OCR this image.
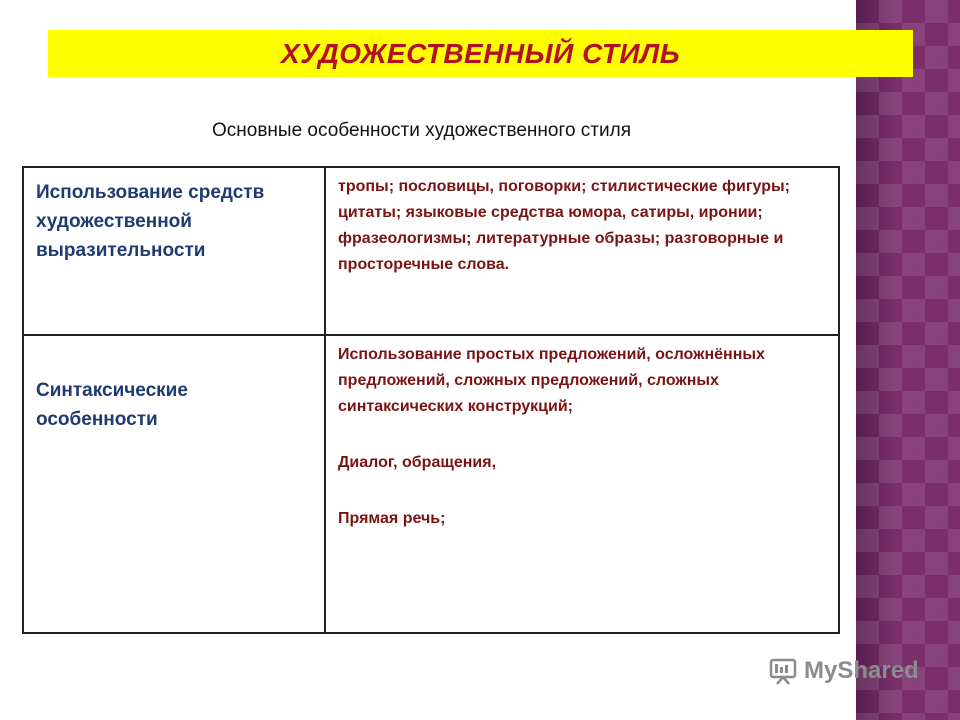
ХУДОЖЕСТВЕННЫЙ СТИЛЬ
Основные особенности художественного стиля
Использование средств художественной выразительности	тропы; пословицы, поговорки; стилистические фигуры; цитаты; языковые средства юмора, сатиры, иронии; фразеологизмы; литературные образы; разговорные и просторечные слова.

Синтаксические особенности	Использование простых предложений, осложнённых предложений, сложных предложений, сложных синтаксических конструкций;

Диалог, обращения,

Прямая речь;

MyShared
